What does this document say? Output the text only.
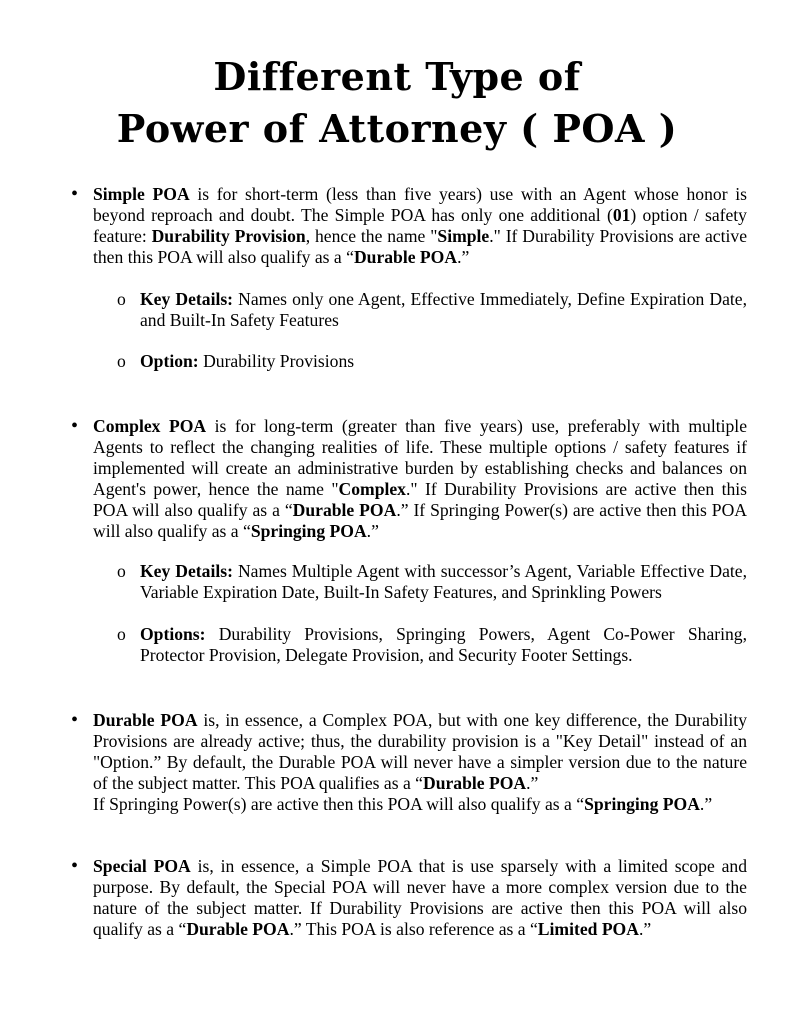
Different Type of
Power of Attorney ( POA )
• Simple POA is for short-term (less than five years) use with an Agent whose honor is beyond reproach and doubt. The Simple POA has only one additional (01) option / safety feature: Durability Provision, hence the name "Simple." If Durability Provisions are active then this POA will also qualify as a “Durable POA.”
o Key Details: Names only one Agent, Effective Immediately, Define Expiration Date, and Built-In Safety Features
o Option: Durability Provisions
• Complex POA is for long-term (greater than five years) use, preferably with multiple Agents to reflect the changing realities of life. These multiple options / safety features if implemented will create an administrative burden by establishing checks and balances on Agent's power, hence the name "Complex." If Durability Provisions are active then this POA will also qualify as a “Durable POA.” If Springing Power(s) are active then this POA will also qualify as a “Springing POA.”
o Key Details: Names Multiple Agent with successor’s Agent, Variable Effective Date, Variable Expiration Date, Built-In Safety Features, and Sprinkling Powers
o Options: Durability Provisions, Springing Powers, Agent Co-Power Sharing, Protector Provision, Delegate Provision, and Security Footer Settings.
• Durable POA is, in essence, a Complex POA, but with one key difference, the Durability Provisions are already active; thus, the durability provision is a "Key Detail" instead of an "Option.” By default, the Durable POA will never have a simpler version due to the nature of the subject matter. This POA qualifies as a “Durable POA.”
If Springing Power(s) are active then this POA will also qualify as a “Springing POA.”
• Special POA is, in essence, a Simple POA that is use sparsely with a limited scope and purpose. By default, the Special POA will never have a more complex version due to the nature of the subject matter. If Durability Provisions are active then this POA will also qualify as a “Durable POA.” This POA is also reference as a “Limited POA.”
